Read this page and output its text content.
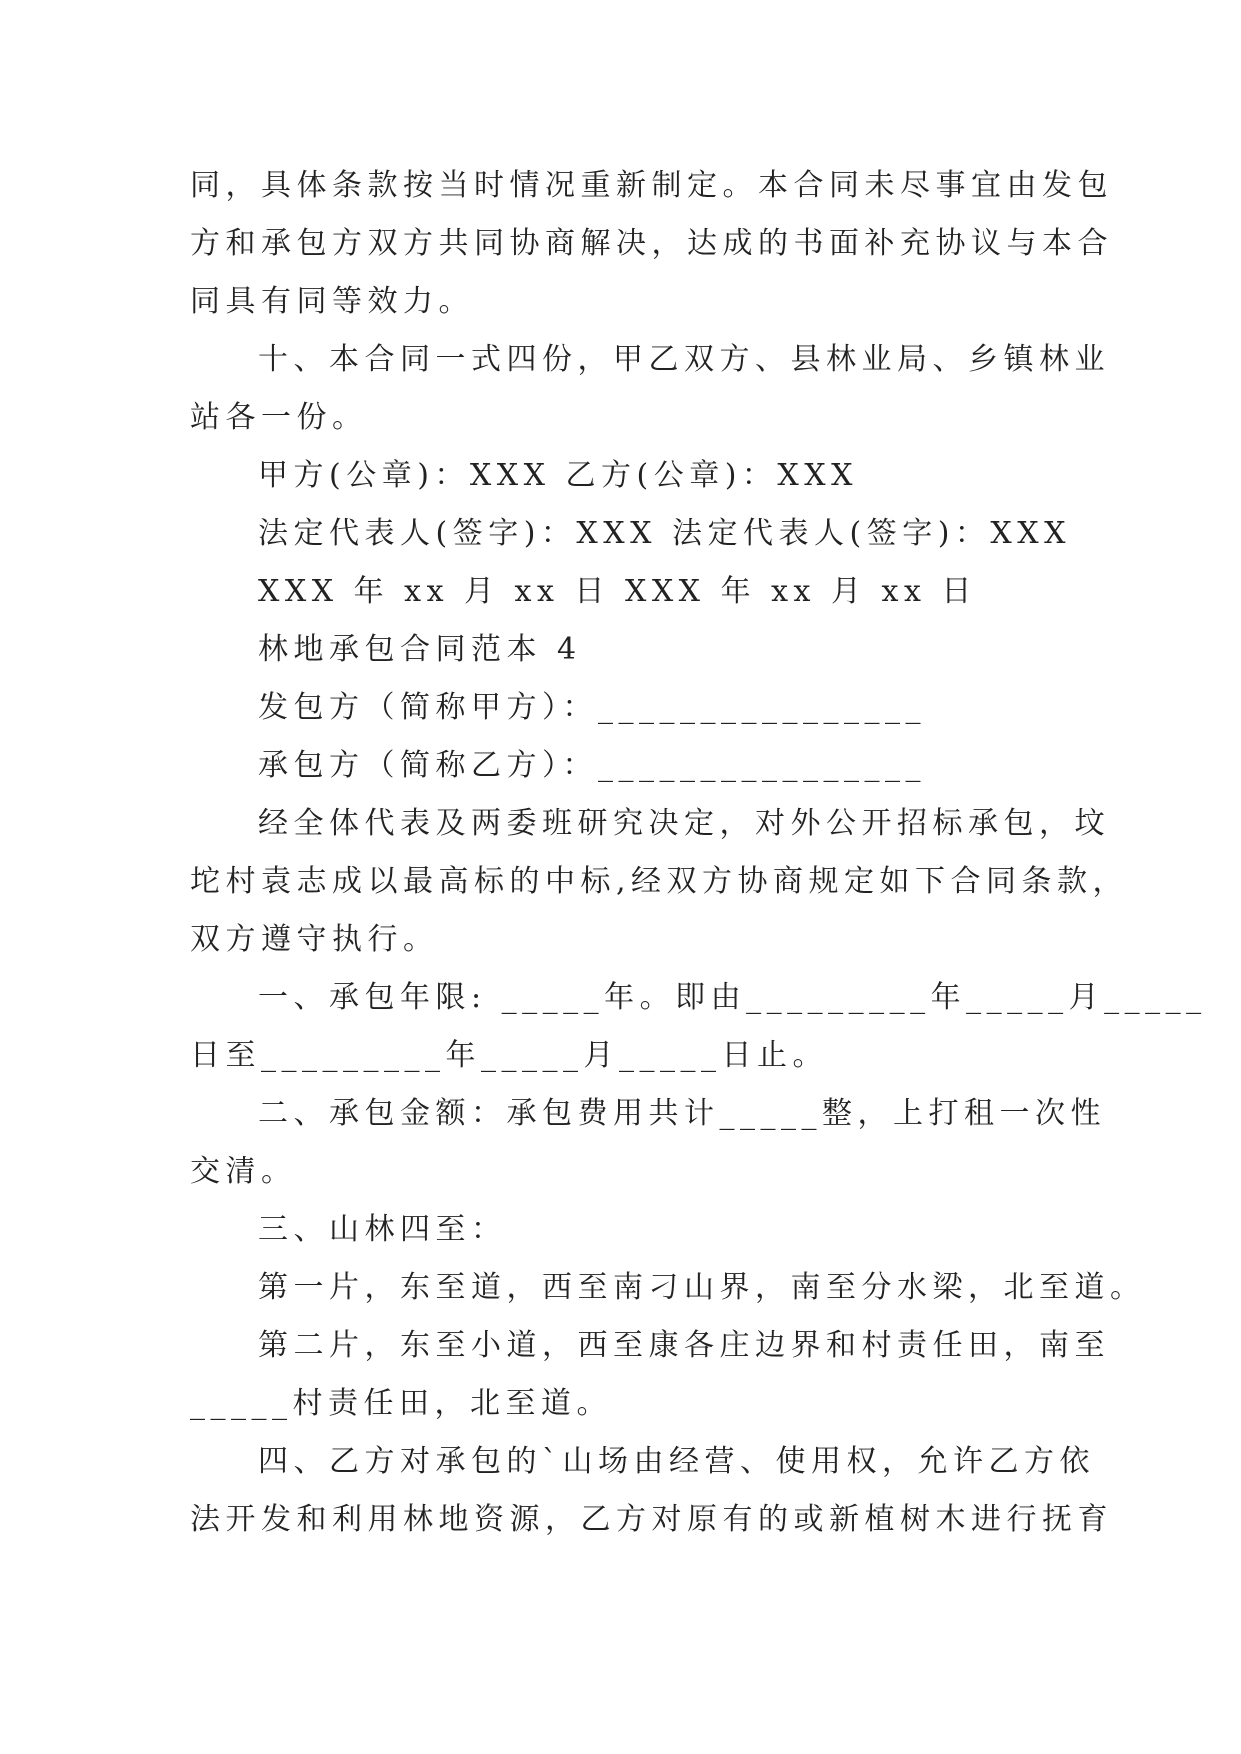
同，具体条款按当时情况重新制定。本合同未尽事宜由发包
方和承包方双方共同协商解决，达成的书面补充协议与本合
同具有同等效力。
十、本合同一式四份，甲乙双方、县林业局、乡镇林业
站各一份。
甲方(公章)：XXX 乙方(公章)：XXX
法定代表人(签字)：XXX 法定代表人(签字)：XXX
XXX 年 xx 月 xx 日 XXX 年 xx 月 xx 日
林地承包合同范本 4
发包方（简称甲方）：________________
承包方（简称乙方）：________________
经全体代表及两委班研究决定，对外公开招标承包，坟
坨村袁志成以最高标的中标,经双方协商规定如下合同条款，
双方遵守执行。
一、承包年限: _____年。即由_________年_____月_____
日至_________年_____月_____日止。
二、承包金额：承包费用共计_____整，上打租一次性
交清。
三、山林四至：
第一片，东至道，西至南刁山界，南至分水梁，北至道。
第二片，东至小道，西至康各庄边界和村责任田，南至
_____村责任田，北至道。
四、乙方对承包的`山场由经营、使用权，允许乙方依
法开发和利用林地资源，乙方对原有的或新植树木进行抚育
